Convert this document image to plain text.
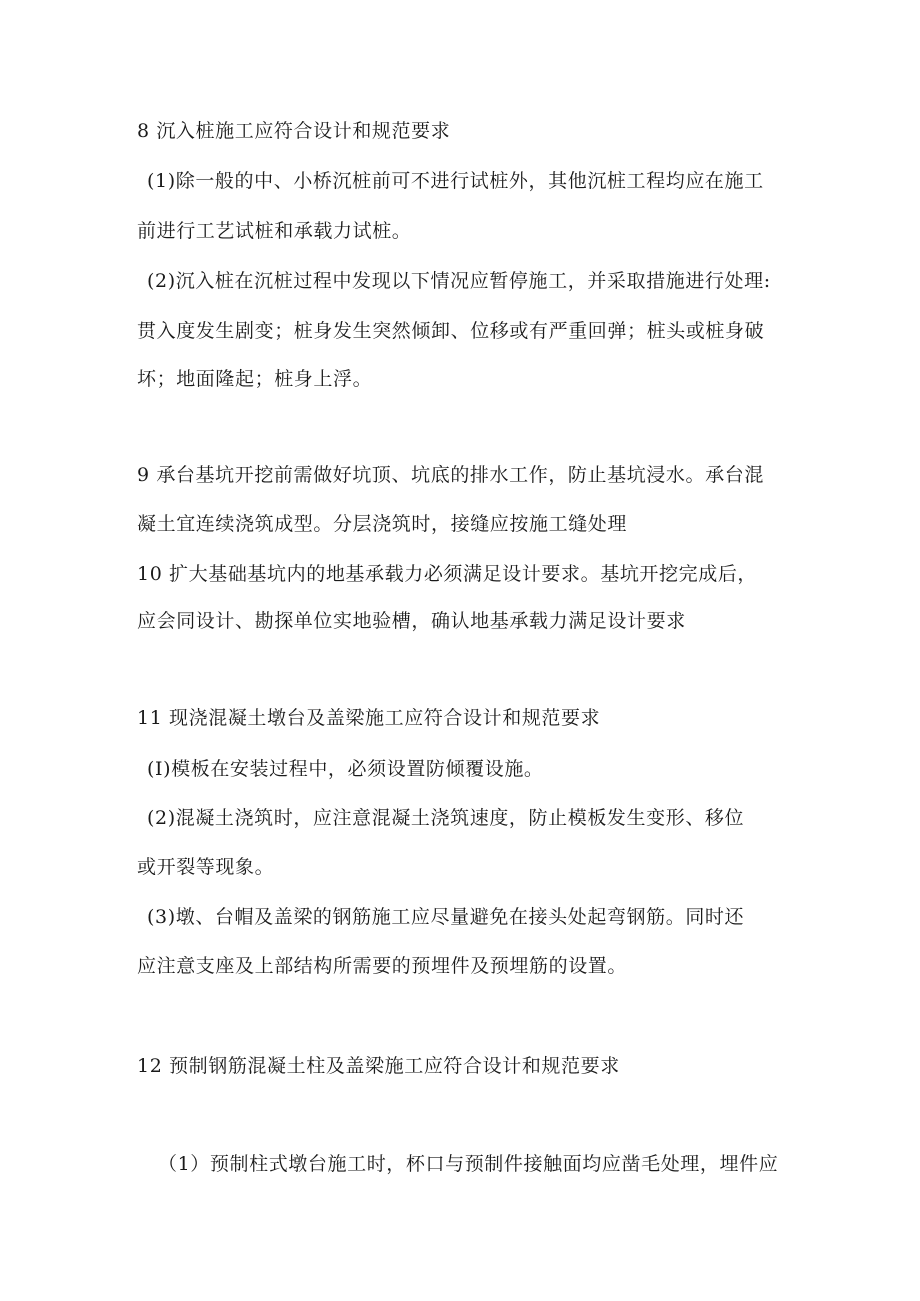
8 沉入桩施工应符合设计和规范要求
(1)除一般的中、小桥沉桩前可不进行试桩外，其他沉桩工程均应在施工
前进行工艺试桩和承载力试桩。
(2)沉入桩在沉桩过程中发现以下情况应暂停施工，并采取措施进行处理:
贯入度发生剧变；桩身发生突然倾卸、位移或有严重回弹；桩头或桩身破
坏；地面隆起；桩身上浮。
9 承台基坑开挖前需做好坑顶、坑底的排水工作，防止基坑浸水。承台混
凝土宜连续浇筑成型。分层浇筑时，接缝应按施工缝处理
10 扩大基础基坑内的地基承载力必须满足设计要求。基坑开挖完成后，
应会同设计、勘探单位实地验槽，确认地基承载力满足设计要求
11 现浇混凝土墩台及盖梁施工应符合设计和规范要求
(I)模板在安装过程中，必须设置防倾覆设施。
(2)混凝土浇筑时，应注意混凝土浇筑速度，防止模板发生变形、移位
或开裂等现象。
(3)墩、台帽及盖梁的钢筋施工应尽量避免在接头处起弯钢筋。同时还
应注意支座及上部结构所需要的预埋件及预埋筋的设置。
12 预制钢筋混凝土柱及盖梁施工应符合设计和规范要求
（1）预制柱式墩台施工时，杯口与预制件接触面均应凿毛处理，埋件应
